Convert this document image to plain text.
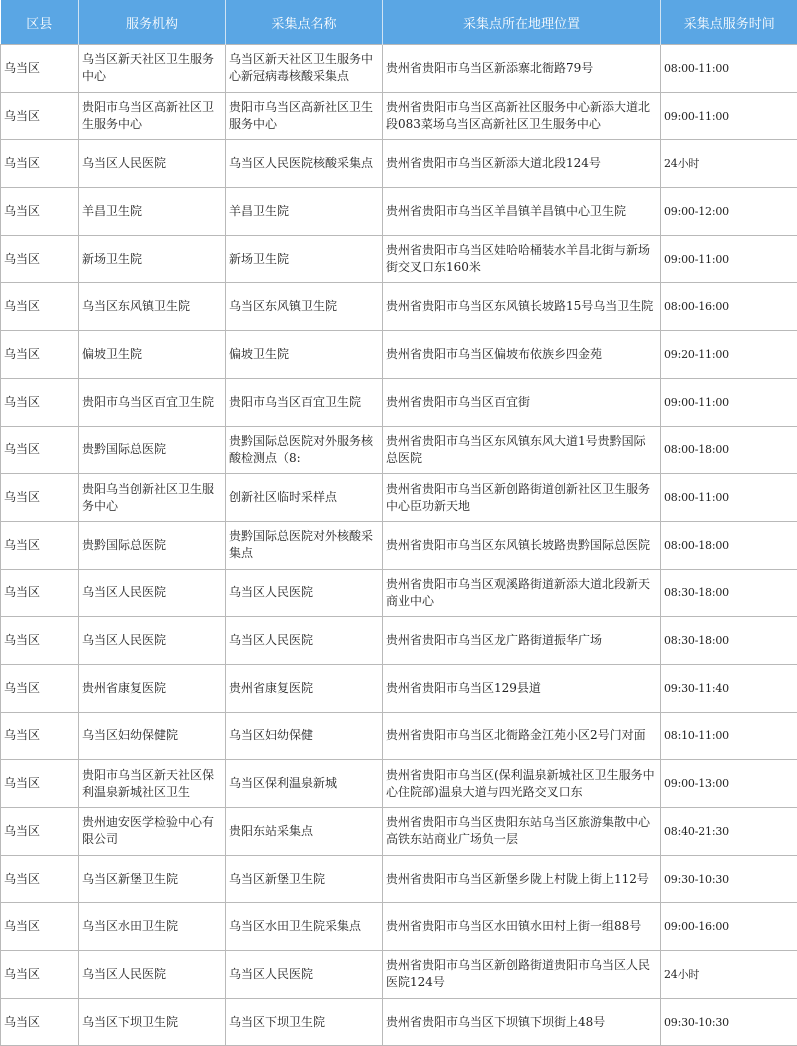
区县	服务机构	采集点名称	采集点所在地理位置	采集点服务时间

乌当区	乌当区新天社区卫生服务中心	乌当区新天社区卫生服务中心新冠病毒核酸采集点	贵州省贵阳市乌当区新添寨北衙路79号	08:00-11:00

乌当区	贵阳市乌当区高新社区卫生服务中心	贵阳市乌当区高新社区卫生服务中心	贵州省贵阳市乌当区高新社区服务中心新添大道北段083菜场乌当区高新社区卫生服务中心	09:00-11:00

乌当区	乌当区人民医院	乌当区人民医院核酸采集点	贵州省贵阳市乌当区新添大道北段124号	24小时

乌当区	羊昌卫生院	羊昌卫生院	贵州省贵阳市乌当区羊昌镇羊昌镇中心卫生院	09:00-12:00

乌当区	新场卫生院	新场卫生院	贵州省贵阳市乌当区娃哈哈桶装水羊昌北街与新场街交叉口东160米	09:00-11:00

乌当区	乌当区东风镇卫生院	乌当区东风镇卫生院	贵州省贵阳市乌当区东风镇长坡路15号乌当卫生院	08:00-16:00

乌当区	偏坡卫生院	偏坡卫生院	贵州省贵阳市乌当区偏坡布依族乡四金苑	09:20-11:00

乌当区	贵阳市乌当区百宜卫生院	贵阳市乌当区百宜卫生院	贵州省贵阳市乌当区百宜街	09:00-11:00

乌当区	贵黔国际总医院	贵黔国际总医院对外服务核酸检测点（8:	贵州省贵阳市乌当区东风镇东风大道1号贵黔国际总医院	08:00-18:00

乌当区	贵阳乌当创新社区卫生服务中心	创新社区临时采样点	贵州省贵阳市乌当区新创路街道创新社区卫生服务中心臣功新天地	08:00-11:00

乌当区	贵黔国际总医院	贵黔国际总医院对外核酸采集点	贵州省贵阳市乌当区东风镇长坡路贵黔国际总医院	08:00-18:00

乌当区	乌当区人民医院	乌当区人民医院	贵州省贵阳市乌当区观溪路街道新添大道北段新天商业中心	08:30-18:00

乌当区	乌当区人民医院	乌当区人民医院	贵州省贵阳市乌当区龙广路街道振华广场	08:30-18:00

乌当区	贵州省康复医院	贵州省康复医院	贵州省贵阳市乌当区129县道	09:30-11:40

乌当区	乌当区妇幼保健院	乌当区妇幼保健	贵州省贵阳市乌当区北衙路金江苑小区2号门对面	08:10-11:00

乌当区	贵阳市乌当区新天社区保利温泉新城社区卫生	乌当区保利温泉新城	贵州省贵阳市乌当区(保利温泉新城社区卫生服务中心住院部)温泉大道与四光路交叉口东	09:00-13:00

乌当区	贵州迪安医学检验中心有限公司	贵阳东站采集点	贵州省贵阳市乌当区贵阳东站乌当区旅游集散中心高铁东站商业广场负一层	08:40-21:30

乌当区	乌当区新堡卫生院	乌当区新堡卫生院	贵州省贵阳市乌当区新堡乡陇上村陇上街上112号	09:30-10:30

乌当区	乌当区水田卫生院	乌当区水田卫生院采集点	贵州省贵阳市乌当区水田镇水田村上街一组88号	09:00-16:00

乌当区	乌当区人民医院	乌当区人民医院	贵州省贵阳市乌当区新创路街道贵阳市乌当区人民医院124号	24小时

乌当区	乌当区下坝卫生院	乌当区下坝卫生院	贵州省贵阳市乌当区下坝镇下坝街上48号	09:30-10:30
